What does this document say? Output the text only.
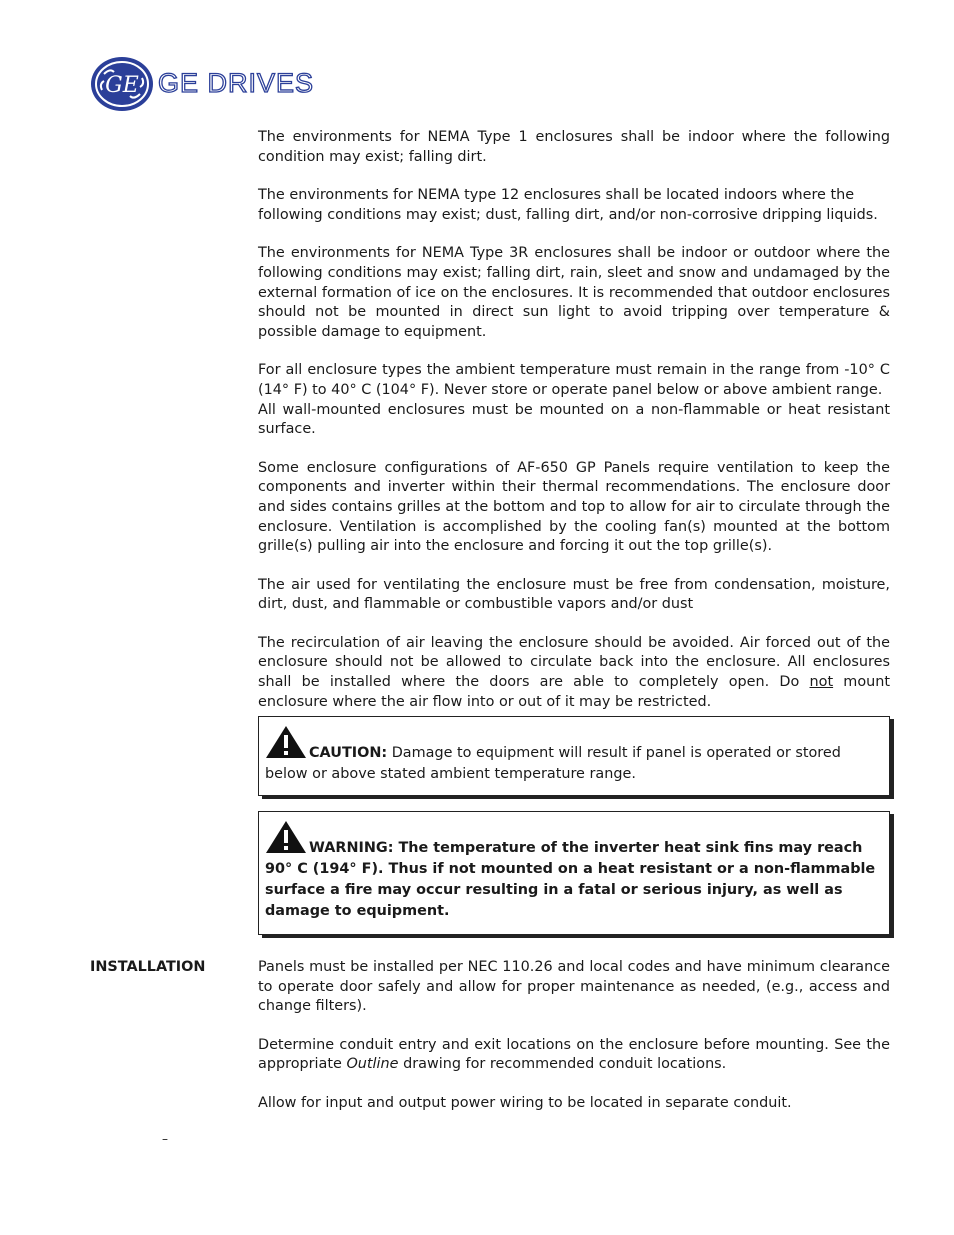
GE GE DRIVES

The environments for NEMA Type 1 enclosures shall be indoor where the following condition may exist; falling dirt.

The environments for NEMA type 12 enclosures shall be located indoors where the following conditions may exist; dust, falling dirt, and/or non-corrosive dripping liquids.

The environments for NEMA Type 3R enclosures shall be indoor or outdoor where the following conditions may exist; falling dirt, rain, sleet and snow and undamaged by the external formation of ice on the enclosures. It is recommended that outdoor enclosures should not be mounted in direct sun light to avoid tripping over temperature & possible damage to equipment.

For all enclosure types the ambient temperature must remain in the range from -10° C (14° F) to 40° C (104° F). Never store or operate panel below or above ambient range.
All wall-mounted enclosures must be mounted on a non-flammable or heat resistant surface.

Some enclosure configurations of AF-650 GP Panels require ventilation to keep the components and inverter within their thermal recommendations. The enclosure door and sides contains grilles at the bottom and top to allow for air to circulate through the enclosure. Ventilation is accomplished by the cooling fan(s) mounted at the bottom grille(s) pulling air into the enclosure and forcing it out the top grille(s).

The air used for ventilating the enclosure must be free from condensation, moisture, dirt, dust, and flammable or combustible vapors and/or dust

The recirculation of air leaving the enclosure should be avoided. Air forced out of the enclosure should not be allowed to circulate back into the enclosure. All enclosures shall be installed where the doors are able to completely open. Do not mount enclosure where the air flow into or out of it may be restricted.

CAUTION: Damage to equipment will result if panel is operated or stored below or above stated ambient temperature range.
WARNING: The temperature of the inverter heat sink fins may reach 90° C (194° F). Thus if not mounted on a heat resistant or a non-flammable surface a fire may occur resulting in a fatal or serious injury, as well as damage to equipment.
INSTALLATION	Panels must be installed per NEC 110.26 and local codes and have minimum clearance to operate door safely and allow for proper maintenance as needed, (e.g., access and change filters).

Determine conduit entry and exit locations on the enclosure before mounting. See the appropriate Outline drawing for recommended conduit locations.

Allow for input and output power wiring to be located in separate conduit.

–
